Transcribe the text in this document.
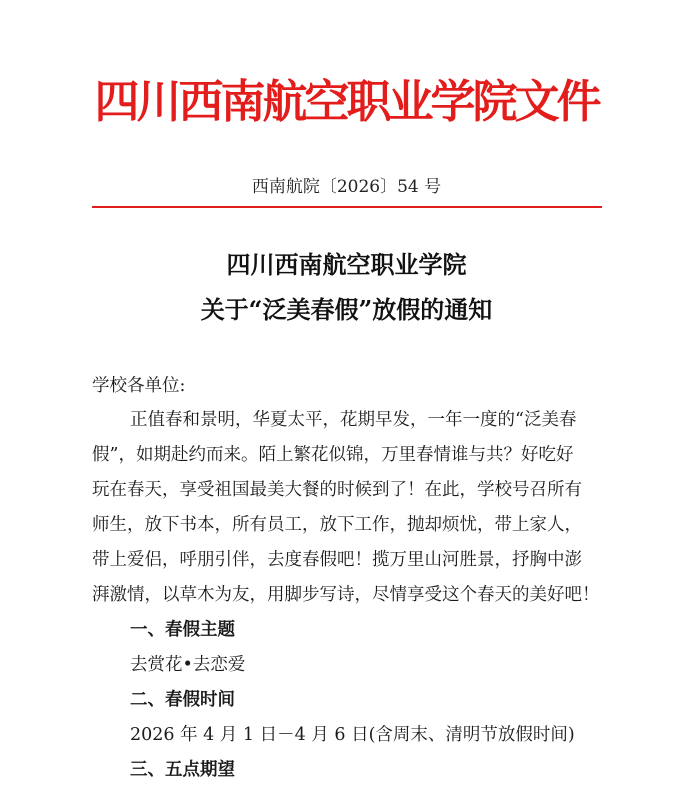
四川西南航空职业学院文件
西南航院〔2026〕54 号
四川西南航空职业学院
关于“泛美春假”放假的通知
学校各单位:
正值春和景明，华夏太平，花期早发，一年一度的“泛美春
假”，如期赴约而来。陌上繁花似锦，万里春情谁与共？好吃好
玩在春天，享受祖国最美大餐的时候到了！在此，学校号召所有
师生，放下书本，所有员工，放下工作，抛却烦忧，带上家人，
带上爱侣，呼朋引伴，去度春假吧！揽万里山河胜景，抒胸中澎
湃激情，以草木为友，用脚步写诗，尽情享受这个春天的美好吧！
一、春假主题
去赏花•去恋爱
二、春假时间
2026 年 4 月 1 日－4 月 6 日(含周末、清明节放假时间)
三、五点期望
